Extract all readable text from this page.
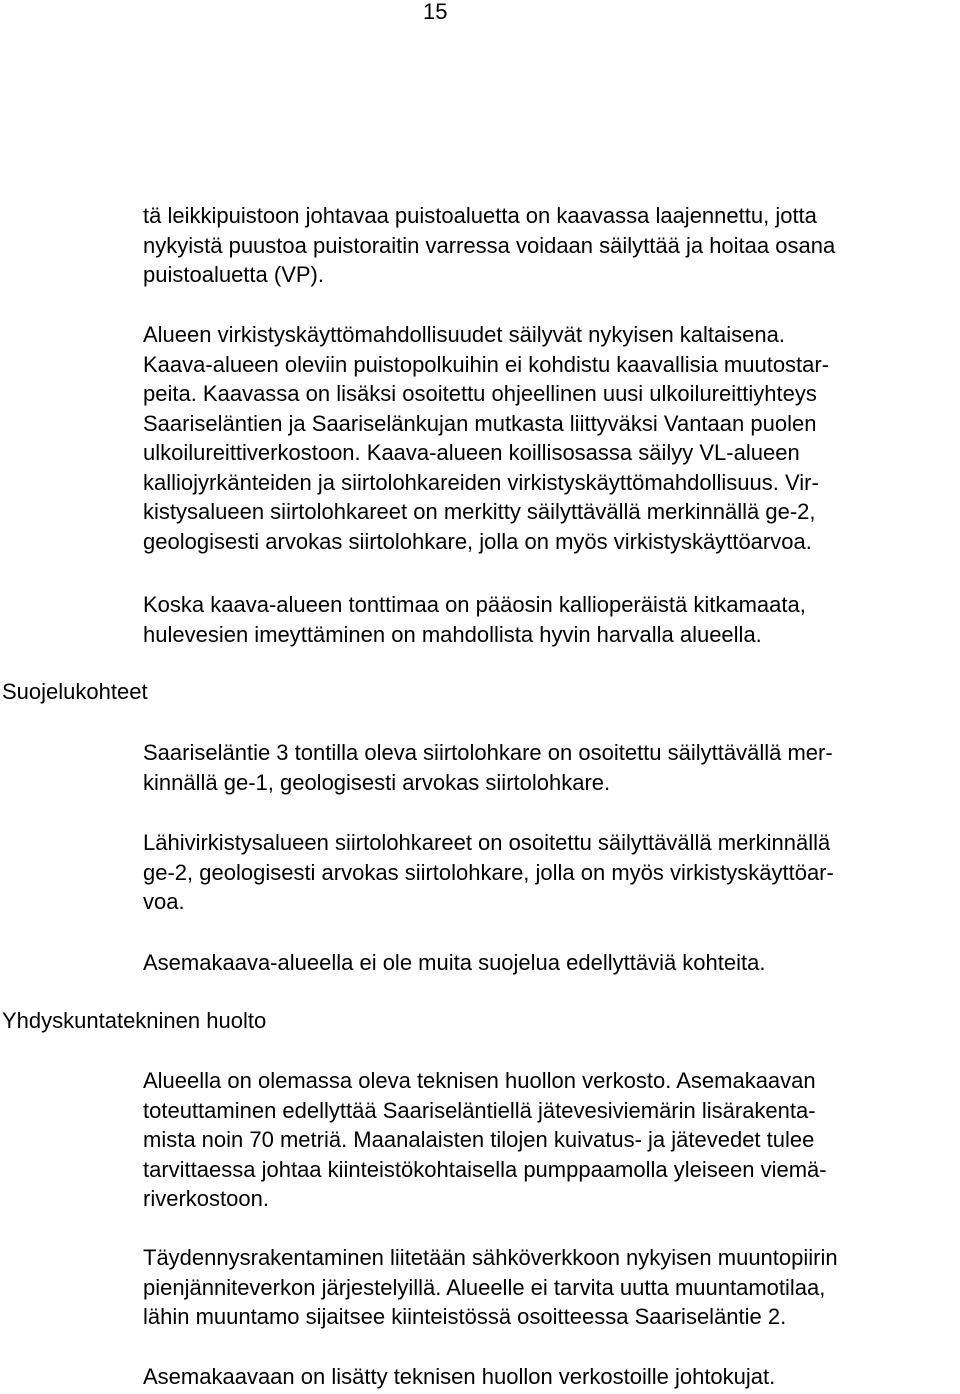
15
Suojelukohteet
Yhdyskuntatekninen huolto

tä leikkipuistoon johtavaa puistoaluetta on kaavassa laajennettu, jotta
nykyistä puustoa puistoraitin varressa voidaan säilyttää ja hoitaa osana
puistoaluetta (VP).

Alueen virkistyskäyttömahdollisuudet säilyvät nykyisen kaltaisena.
Kaava-alueen oleviin puistopolkuihin ei kohdistu kaavallisia muutostar-
peita. Kaavassa on lisäksi osoitettu ohjeellinen uusi ulkoilureittiyhteys
Saariseläntien ja Saariselänkujan mutkasta liittyväksi Vantaan puolen
ulkoilureittiverkostoon. Kaava-alueen koillisosassa säilyy VL-alueen
kalliojyrkänteiden ja siirtolohkareiden virkistyskäyttömahdollisuus. Vir-
kistysalueen siirtolohkareet on merkitty säilyttävällä merkinnällä ge-2,
geologisesti arvokas siirtolohkare, jolla on myös virkistyskäyttöarvoa.

Koska kaava-alueen tonttimaa on pääosin kallioperäistä kitkamaata,
hulevesien imeyttäminen on mahdollista hyvin harvalla alueella.

Saariseläntie 3 tontilla oleva siirtolohkare on osoitettu säilyttävällä mer-
kinnällä ge-1, geologisesti arvokas siirtolohkare.

Lähivirkistysalueen siirtolohkareet on osoitettu säilyttävällä merkinnällä
ge-2, geologisesti arvokas siirtolohkare, jolla on myös virkistyskäyttöar-
voa.

Asemakaava-alueella ei ole muita suojelua edellyttäviä kohteita.

Alueella on olemassa oleva teknisen huollon verkosto. Asemakaavan
toteuttaminen edellyttää Saariseläntiellä jätevesiviemärin lisärakenta-
mista noin 70 metriä. Maanalaisten tilojen kuivatus- ja jätevedet tulee
tarvittaessa johtaa kiinteistökohtaisella pumppaamolla yleiseen viemä-
riverkostoon.

Täydennysrakentaminen liitetään sähköverkkoon nykyisen muuntopiirin
pienjänniteverkon järjestelyillä. Alueelle ei tarvita uutta muuntamotilaa,
lähin muuntamo sijaitsee kiinteistössä osoitteessa Saariseläntie 2.

Asemakaavaan on lisätty teknisen huollon verkostoille johtokujat.
